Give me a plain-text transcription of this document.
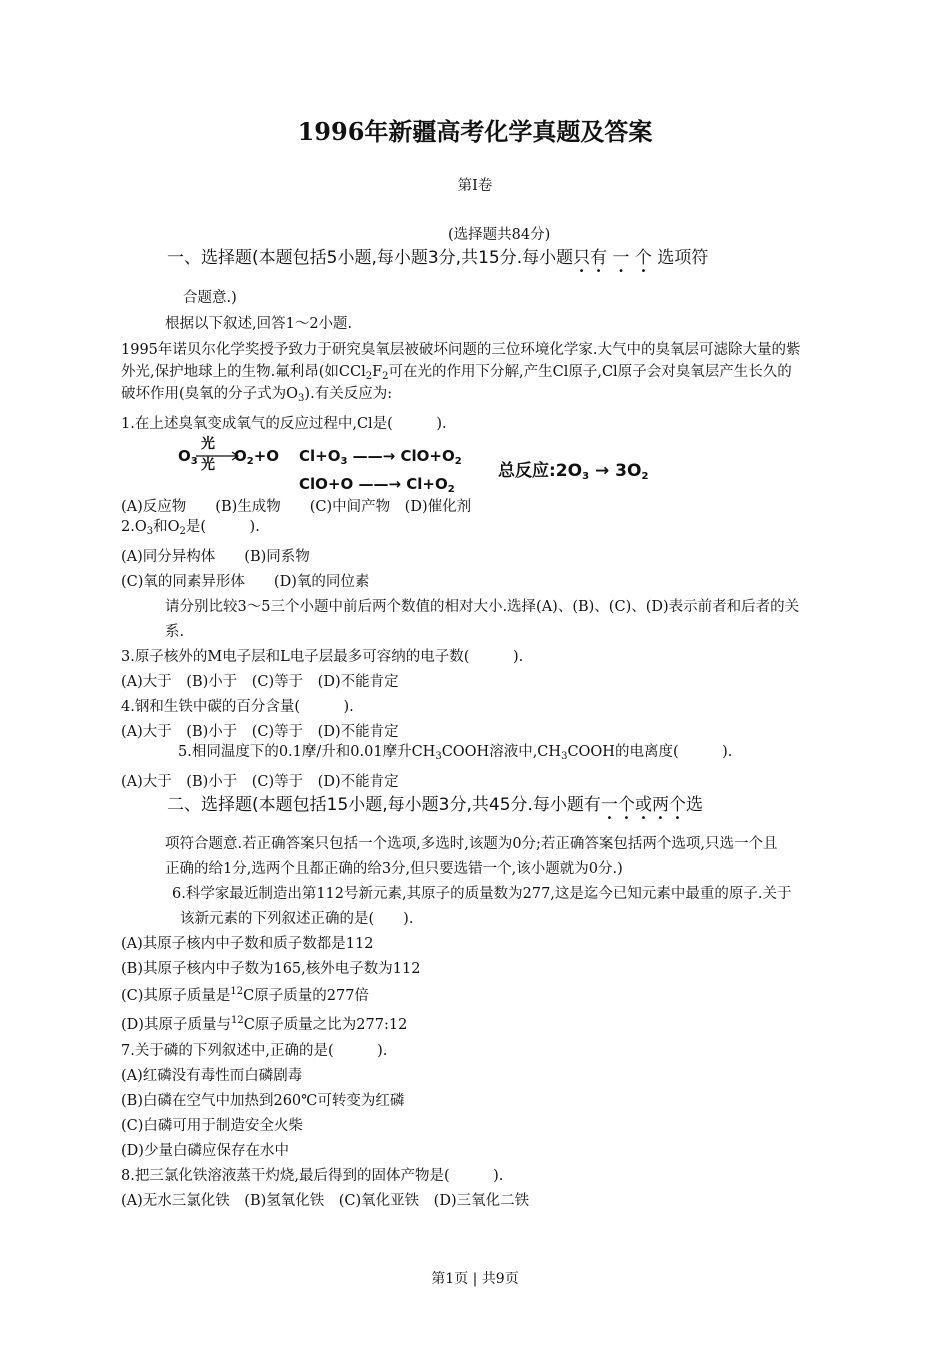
1996年新疆高考化学真题及答案
第I卷
(选择题共84分)
一、选择题(本题包括5小题,每小题3分,共15分.每小题只有 一 个 选项符
合题意.)
根据以下叙述,回答1～2小题.
1995年诺贝尔化学奖授予致力于研究臭氧层被破坏问题的三位环境化学家.大气中的臭氧层可滤除大量的紫
外光,保护地球上的生物.氟利昂(如$CCl_2F_2$可在光的作用下分解,产生Cl原子,Cl原子会对臭氧层产生长久的
破坏作用(臭氧的分子式为$O_3$).有关反应为:
1.在上述臭氧变成氧气的反应过程中,Cl是(　　　).
$O_3$
光
光 $O_2+O$ $Cl+O_3$ ——→ $ClO+O_2$
ClO+O ——→ $Cl+O_2$
总反应$:2O_3 \to 3O_2$
(A)反应物　　(B)生成物　　(C)中间产物　(D)催化剂
$2.O_3$和$O_2$是(　　　).
(A)同分异构体　　(B)同系物
(C)氧的同素异形体　　(D)氧的同位素
请分别比较3～5三个小题中前后两个数值的相对大小.选择(A)、(B)、(C)、(D)表示前者和后者的关
系.
3.原子核外的M电子层和L电子层最多可容纳的电子数(　　　).
(A)大于　(B)小于　(C)等于　(D)不能肯定
4.钢和生铁中碳的百分含量(　　　).
(A)大于　(B)小于　(C)等于　(D)不能肯定
5.相同温度下的0.1摩/升和0.01摩升$CH_3COOH$溶液中$,CH_3COOH$的电离度(　　　).
(A)大于　(B)小于　(C)等于　(D)不能肯定
二、选择题(本题包括15小题,每小题3分,共45分.每小题有一个或两个选
项符合题意.若正确答案只包括一个选项,多选时,该题为0分;若正确答案包括两个选项,只选一个且
正确的给1分,选两个且都正确的给3分,但只要选错一个,该小题就为0分.)
6.科学家最近制造出第112号新元素,其原子的质量数为277,这是迄今已知元素中最重的原子.关于
该新元素的下列叙述正确的是(　　).
(A)其原子核内中子数和质子数都是112
(B)其原子核内中子数为165,核外电子数为112
(C)其原子质量是$^{12}$C原子质量的277倍
(D)其原子质量与$^{12}$C原子质量之比为277:12
7.关于磷的下列叙述中,正确的是(　　　).
(A)红磷没有毒性而白磷剧毒
(B)白磷在空气中加热到260℃可转变为红磷
(C)白磷可用于制造安全火柴
(D)少量白磷应保存在水中
8.把三氯化铁溶液蒸干灼烧,最后得到的固体产物是(　　　).
(A)无水三氯化铁　(B)氢氧化铁　(C)氧化亚铁　(D)三氧化二铁
第1页 | 共9页
